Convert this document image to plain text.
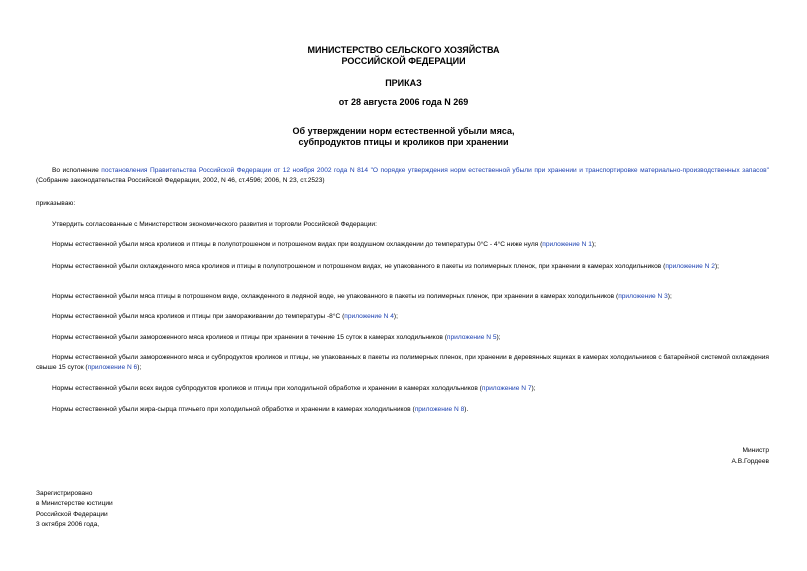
МИНИСТЕРСТВО СЕЛЬСКОГО ХОЗЯЙСТВА
РОССИЙСКОЙ ФЕДЕРАЦИИ
ПРИКАЗ
от 28 августа 2006 года N 269
Об утверждении норм естественной убыли мяса,
субпродуктов птицы и кроликов при хранении
Во исполнение постановления Правительства Российской Федерации от 12 ноября 2002 года N 814 "О порядке утверждения норм естественной убыли при хранении и транспортировке материально-производственных запасов" (Собрание законодательства Российской Федерации, 2002, N 46, ст.4596; 2006, N 23, ст.2523)
приказываю:
Утвердить согласованные с Министерством экономического развития и торговли Российской Федерации:
Нормы естественной убыли мяса кроликов и птицы в полупотрошеном и потрошеном видах при воздушном охлаждении до температуры 0°С - 4°С ниже нуля (приложение N 1);
Нормы естественной убыли охлажденного мяса кроликов и птицы в полупотрошеном и потрошеном видах, не упакованного в пакеты из полимерных пленок, при хранении в камерах холодильников (приложение N 2);
Нормы естественной убыли мяса птицы в потрошеном виде, охлажденного в ледяной воде, не упакованного в пакеты из полимерных пленок, при хранении в камерах холодильников (приложение N 3);
Нормы естественной убыли мяса кроликов и птицы при замораживании до температуры -8°С (приложение N 4);
Нормы естественной убыли замороженного мяса кроликов и птицы при хранении в течение 15 суток в камерах холодильников (приложение N 5);
Нормы естественной убыли замороженного мяса и субпродуктов кроликов и птицы, не упакованных в пакеты из полимерных пленок, при хранении в деревянных ящиках в камерах холодильников с батарейной системой охлаждения свыше 15 суток (приложение N 6);
Нормы естественной убыли всех видов субпродуктов кроликов и птицы при холодильной обработке и хранении в камерах холодильников (приложение N 7);
Нормы естественной убыли жира-сырца птичьего при холодильной обработке и хранении в камерах холодильников (приложение N 8).
Министр
А.В.Гордеев
Зарегистрировано
в Министерстве юстиции
Российской Федерации
3 октября 2006 года,
